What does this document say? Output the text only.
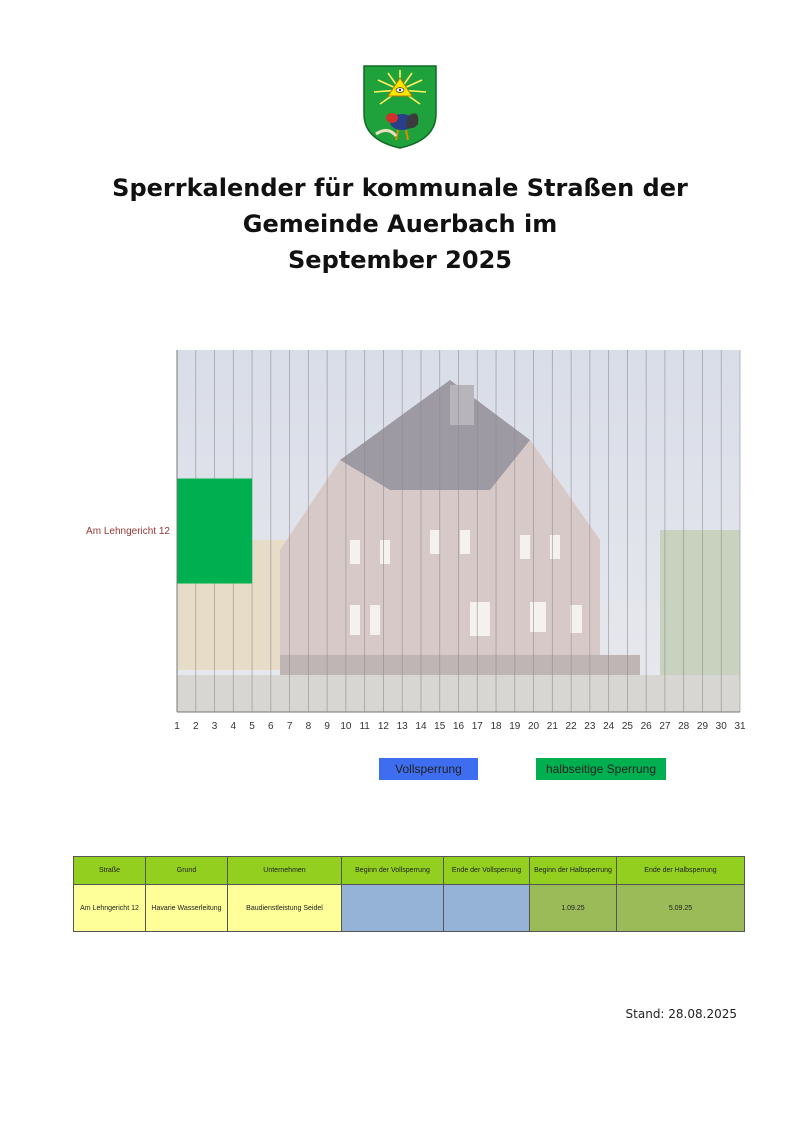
Sperrkalender für kommunale Straßen der
Gemeinde Auerbach im
September 2025
Am Lehngericht 12
1 2 3 4 5 6 7 8 9 10 11 12 13 14 15 16 17 18 19 20 21 22 23 24 25 26 27 28 29 30 31
Vollsperrung	halbseitige Sperrung
Straße	Grund	Unternehmen	Beginn der Vollsperrung	Ende der Vollsperrung	Beginn der Halbsperrung	Ende der Halbsperrung
Am Lehngericht 12	Havarie Wasserleitung	Baudienstleistung Seidel			1.09.25	5.09.25
Stand: 28.08.2025
